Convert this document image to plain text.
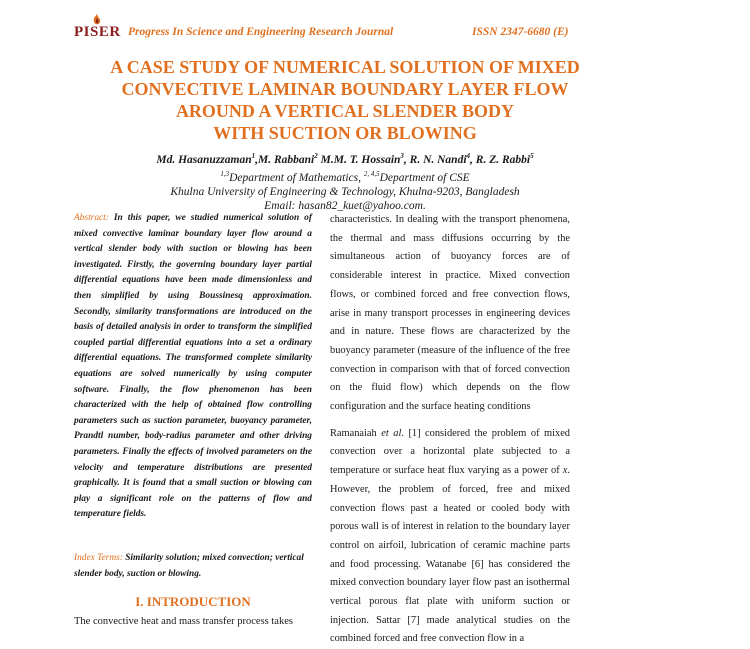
PISER Progress In Science and Engineering Research Journal	ISSN 2347-6680 (E)
A CASE STUDY OF NUMERICAL SOLUTION OF MIXED
CONVECTIVE LAMINAR BOUNDARY LAYER FLOW
AROUND A VERTICAL SLENDER BODY
WITH SUCTION OR BLOWING
Md. Hasanuzzaman$^1$,M. Rabbani$^2$ M.M. T. Hossain$^3$, R. N. Nandi$^4$, R. Z. Rabbi$^5$
$^{1,3}$Department of Mathematics, $^{2, 4,5}$Department of CSE
Khulna University of Engineering & Technology, Khulna-9203, Bangladesh
Email: hasan82_kuet@yahoo.com.
Abstract: In this paper, we studied numerical solution of mixed convective laminar boundary layer flow around a vertical slender body with suction or blowing has been investigated. Firstly, the governing boundary layer partial differential equations have been made dimensionless and then simplified by using Boussinesq approximation. Secondly, similarity transformations are introduced on the basis of detailed analysis in order to transform the simplified coupled partial differential equations into a set a ordinary differential equations. The transformed complete similarity equations are solved numerically by using computer software. Finally, the flow phenomenon has been characterized with the help of obtained flow controlling parameters such as suction parameter, buoyancy parameter, Prandtl number, body-radius parameter and other driving parameters. Finally the effects of involved parameters on the velocity and temperature distributions are presented graphically. It is found that a small suction or blowing can play a significant role on the patterns of flow and temperature fields.
Index Terms: Similarity solution; mixed convection; vertical slender body, suction or blowing.
I. INTRODUCTION
The convective heat and mass transfer process takes

characteristics. In dealing with the transport phenomena, the thermal and mass diffusions occurring by the simultaneous action of buoyancy forces are of considerable interest in practice. Mixed convection flows, or combined forced and free convection flows, arise in many transport processes in engineering devices and in nature. These flows are characterized by the buoyancy parameter (measure of the influence of the free convection in comparison with that of forced convection on the fluid flow) which depends on the flow configuration and the surface heating conditions

Ramanaiah et al. [1] considered the problem of mixed convection over a horizontal plate subjected to a temperature or surface heat flux varying as a power of x. However, the problem of forced, free and mixed convection flows past a heated or cooled body with porous wall is of interest in relation to the boundary layer control on airfoil, lubrication of ceramic machine parts and food processing. Watanabe [6] has considered the mixed convection boundary layer flow past an isothermal vertical porous flat plate with uniform suction or injection. Sattar [7] made analytical studies on the combined forced and free convection flow in a
